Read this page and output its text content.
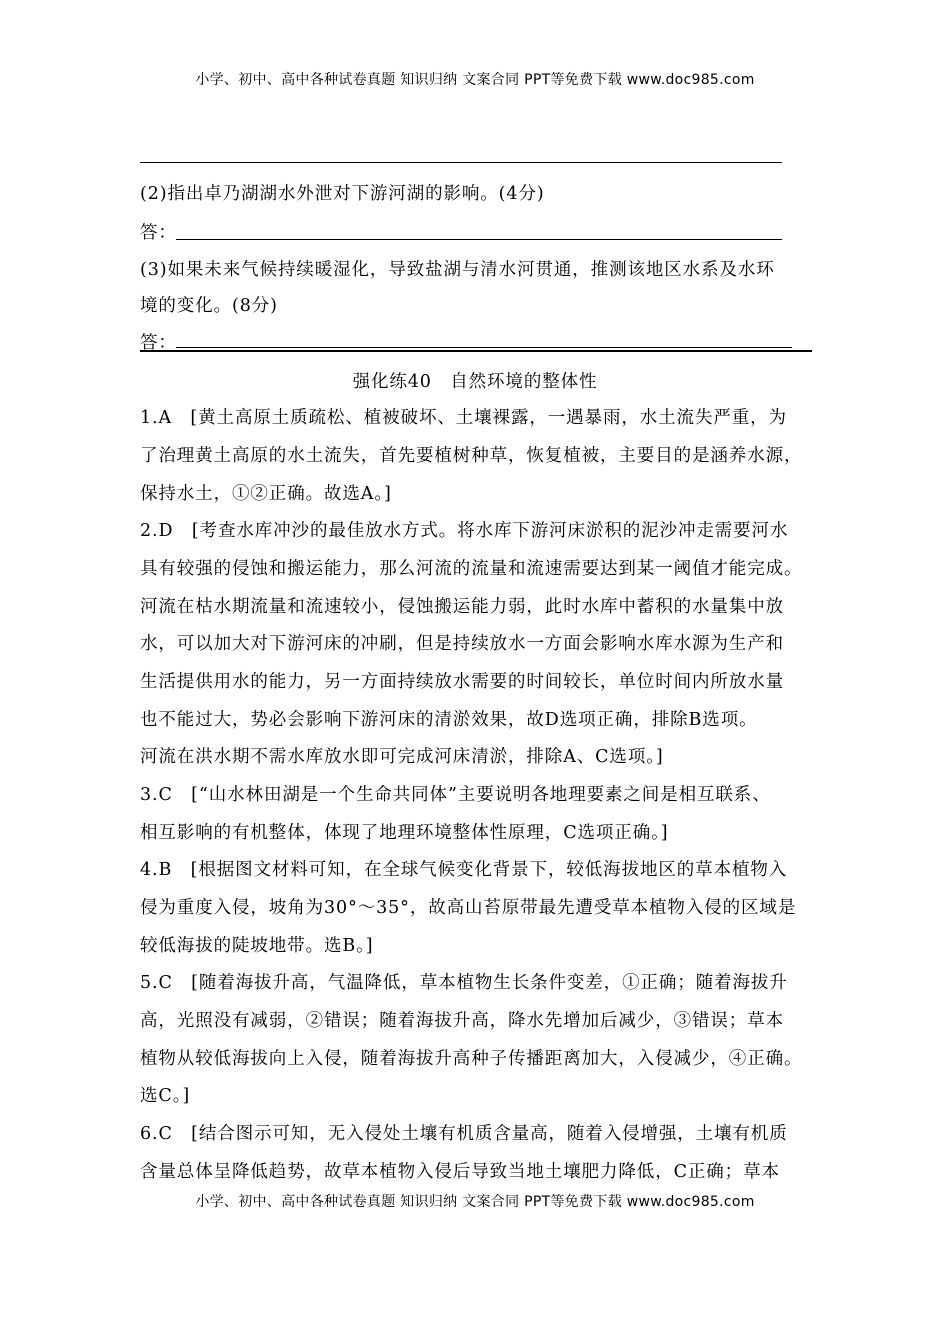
小学、初中、高中各种试卷真题 知识归纳 文案合同 PPT等免费下载 www.doc985.com
(2)指出卓乃湖湖水外泄对下游河湖的影响。(4分)
答：
(3)如果未来气候持续暖湿化，导致盐湖与清水河贯通，推测该地区水系及水环
境的变化。(8分)
答：
强化练40　自然环境的整体性
1.A　[黄土高原土质疏松、植被破坏、土壤裸露，一遇暴雨，水土流失严重，为
了治理黄土高原的水土流失，首先要植树种草，恢复植被，主要目的是涵养水源，
保持水土，①②正确。故选A。]
2.D　[考查水库冲沙的最佳放水方式。将水库下游河床淤积的泥沙冲走需要河水
具有较强的侵蚀和搬运能力，那么河流的流量和流速需要达到某一阈值才能完成。
河流在枯水期流量和流速较小，侵蚀搬运能力弱，此时水库中蓄积的水量集中放
水，可以加大对下游河床的冲刷，但是持续放水一方面会影响水库水源为生产和
生活提供用水的能力，另一方面持续放水需要的时间较长，单位时间内所放水量
也不能过大，势必会影响下游河床的清淤效果，故D选项正确，排除B选项。
河流在洪水期不需水库放水即可完成河床清淤，排除A、C选项。]
3.C　[“山水林田湖是一个生命共同体”主要说明各地理要素之间是相互联系、
相互影响的有机整体，体现了地理环境整体性原理，C选项正确。]
4.B　[根据图文材料可知，在全球气候变化背景下，较低海拔地区的草本植物入
侵为重度入侵，坡角为30°～35°，故高山苔原带最先遭受草本植物入侵的区域是
较低海拔的陡坡地带。选B。]
5.C　[随着海拔升高，气温降低，草本植物生长条件变差，①正确；随着海拔升
高，光照没有减弱，②错误；随着海拔升高，降水先增加后减少，③错误；草本
植物从较低海拔向上入侵，随着海拔升高种子传播距离加大，入侵减少，④正确。
选C。]
6.C　[结合图示可知，无入侵处土壤有机质含量高，随着入侵增强，土壤有机质
含量总体呈降低趋势，故草本植物入侵后导致当地土壤肥力降低，C正确；草本
小学、初中、高中各种试卷真题 知识归纳 文案合同 PPT等免费下载 www.doc985.com
